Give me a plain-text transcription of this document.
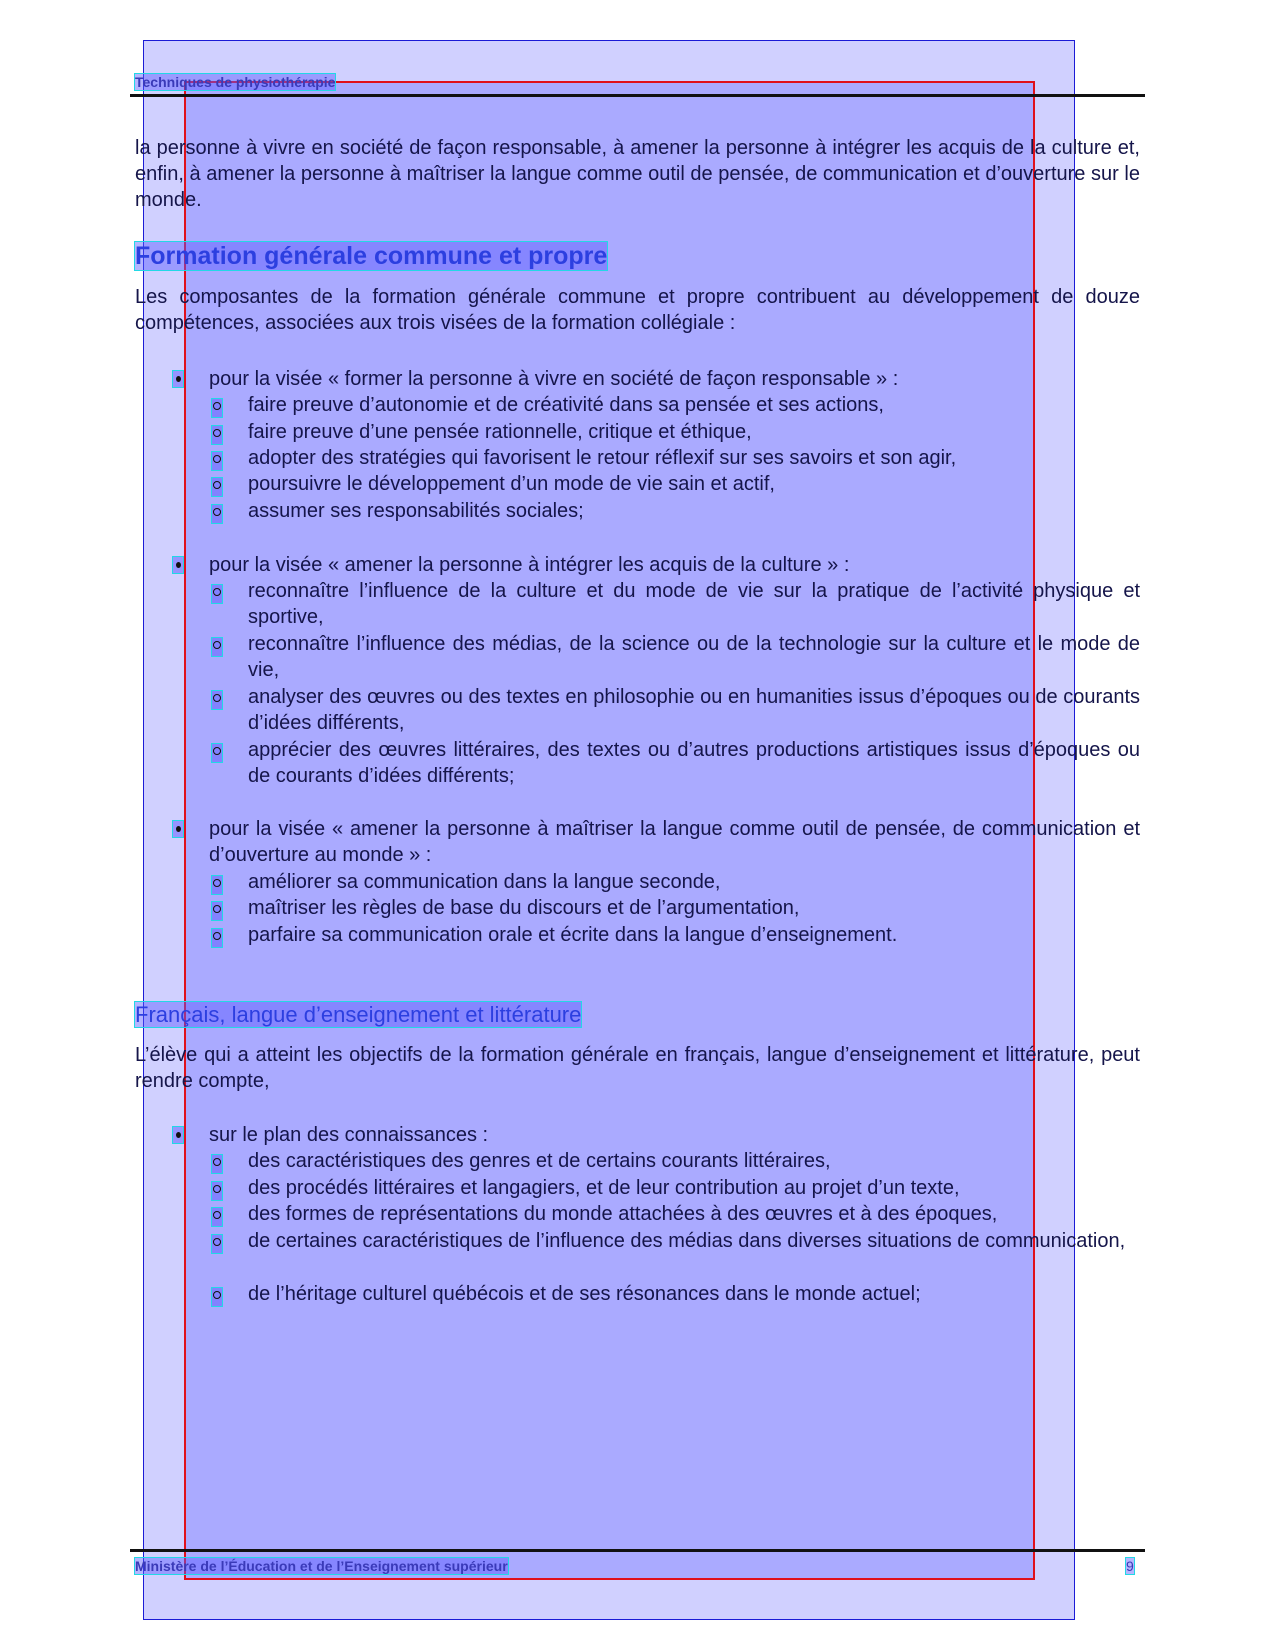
Techniques de physiothérapie
la personne à vivre en société de façon responsable, à amener la personne à intégrer les acquis de la culture et, enfin, à amener la personne à maîtriser la langue comme outil de pensée, de communication et d’ouverture sur le monde.
Formation générale commune et propre
Les composantes de la formation générale commune et propre contribuent au développement de douze compétences, associées aux trois visées de la formation collégiale :
pour la visée « former la personne à vivre en société de façon responsable » :
faire preuve d’autonomie et de créativité dans sa pensée et ses actions,
faire preuve d’une pensée rationnelle, critique et éthique,
adopter des stratégies qui favorisent le retour réflexif sur ses savoirs et son agir,
poursuivre le développement d’un mode de vie sain et actif,
assumer ses responsabilités sociales;
pour la visée « amener la personne à intégrer les acquis de la culture » :
reconnaître l’influence de la culture et du mode de vie sur la pratique de l’activité physique et sportive,
reconnaître l’influence des médias, de la science ou de la technologie sur la culture et le mode de vie,
analyser des œuvres ou des textes en philosophie ou en humanities issus d’époques ou de courants d’idées différents,
apprécier des œuvres littéraires, des textes ou d’autres productions artistiques issus d’époques ou de courants d’idées différents;
pour la visée « amener la personne à maîtriser la langue comme outil de pensée, de communication et d’ouverture au monde » :
améliorer sa communication dans la langue seconde,
maîtriser les règles de base du discours et de l’argumentation,
parfaire sa communication orale et écrite dans la langue d’enseignement.
Français, langue d’enseignement et littérature
L’élève qui a atteint les objectifs de la formation générale en français, langue d’enseignement et littérature, peut rendre compte,
sur le plan des connaissances :
des caractéristiques des genres et de certains courants littéraires,
des procédés littéraires et langagiers, et de leur contribution au projet d’un texte,
des formes de représentations du monde attachées à des œuvres et à des époques,
de certaines caractéristiques de l’influence des médias dans diverses situations de communication,
de l’héritage culturel québécois et de ses résonances dans le monde actuel;
Ministère de l’Éducation et de l’Enseignement supérieur	9
